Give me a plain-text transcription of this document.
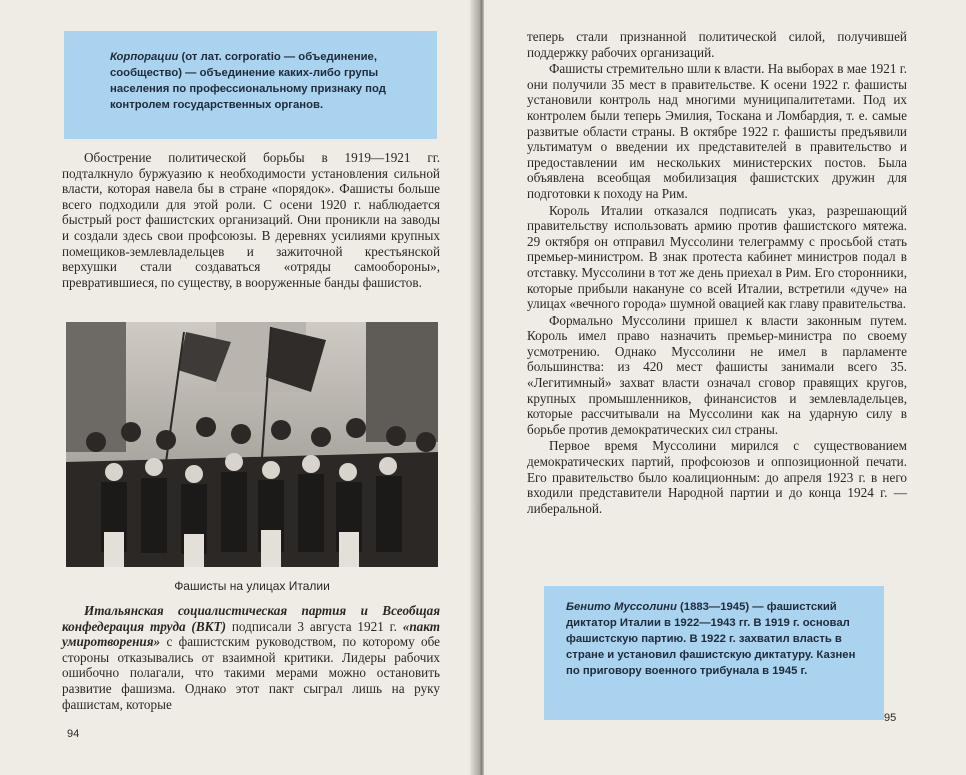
Корпорации (от лат. corporatio — объединение, сообщество) — объединение каких-либо групы населения по профессиональному признаку под контролем государственных органов.

Обострение политической борьбы в 1919—1921 гг. подталкнуло буржуазию к необходимости установления сильной власти, которая навела бы в стране «порядок». Фашисты больше всего подходили для этой роли. С осени 1920 г. наблюдается быстрый рост фашистских организаций. Они проникли на заводы и создали здесь свои профсоюзы. В деревнях усилиями крупных помещиков-землевладельцев и зажиточной крестьянской верхушки стали создаваться «отряды самообороны», превратившиеся, по существу, в вооруженные банды фашистов.

Фашисты на улицах Италии

Итальянская социалистическая партия и Всеобщая конфедерация труда (ВКТ) подписали 3 августа 1921 г. «пакт умиротворения» с фашистским руководством, по которому обе стороны отказывались от взаимной критики. Лидеры рабочих ошибочно полагали, что такими мерами можно остановить развитие фашизма. Однако этот пакт сыграл лишь на руку фашистам, которые

94

теперь стали признанной политической силой, получившей поддержку рабочих организаций.

Фашисты стремительно шли к власти. На выборах в мае 1921 г. они получили 35 мест в правительстве. К осени 1922 г. фашисты установили контроль над многими муниципалитетами. Под их контролем были теперь Эмилия, Тоскана и Ломбардия, т. е. самые развитые области страны. В октябре 1922 г. фашисты предъявили ультиматум о введении их представителей в правительство и предоставлении им нескольких министерских постов. Была объявлена всеобщая мобилизация фашистских дружин для подготовки к походу на Рим.

Король Италии отказался подписать указ, разрешающий правительству использовать армию против фашистского мятежа. 29 октября он отправил Муссолини телеграмму с просьбой стать премьер-министром. В знак протеста кабинет министров подал в отставку. Муссолини в тот же день приехал в Рим. Его сторонники, которые прибыли накануне со всей Италии, встретили «дуче» на улицах «вечного города» шумной овацией как главу правительства.

Формально Муссолини пришел к власти законным путем. Король имел право назначить премьер-министра по своему усмотрению. Однако Муссолини не имел в парламенте большинства: из 420 мест фашисты занимали всего 35. «Легитимный» захват власти означал сговор правящих кругов, крупных промышленников, финансистов и землевладельцев, которые рассчитывали на Муссолини как на ударную силу в борьбе против демократических сил страны.

Первое время Муссолини мирился с существованием демократических партий, профсоюзов и оппозиционной печати. Его правительство было коалиционным: до апреля 1923 г. в него входили представители Народной партии и до конца 1924 г. — либеральной.

Бенито Муссолини (1883—1945) — фашистский диктатор Италии в 1922—1943 гг. В 1919 г. основал фашистскую партию. В 1922 г. захватил власть в стране и установил фашистскую диктатуру. Казнен по приговору военного трибунала в 1945 г.

95
